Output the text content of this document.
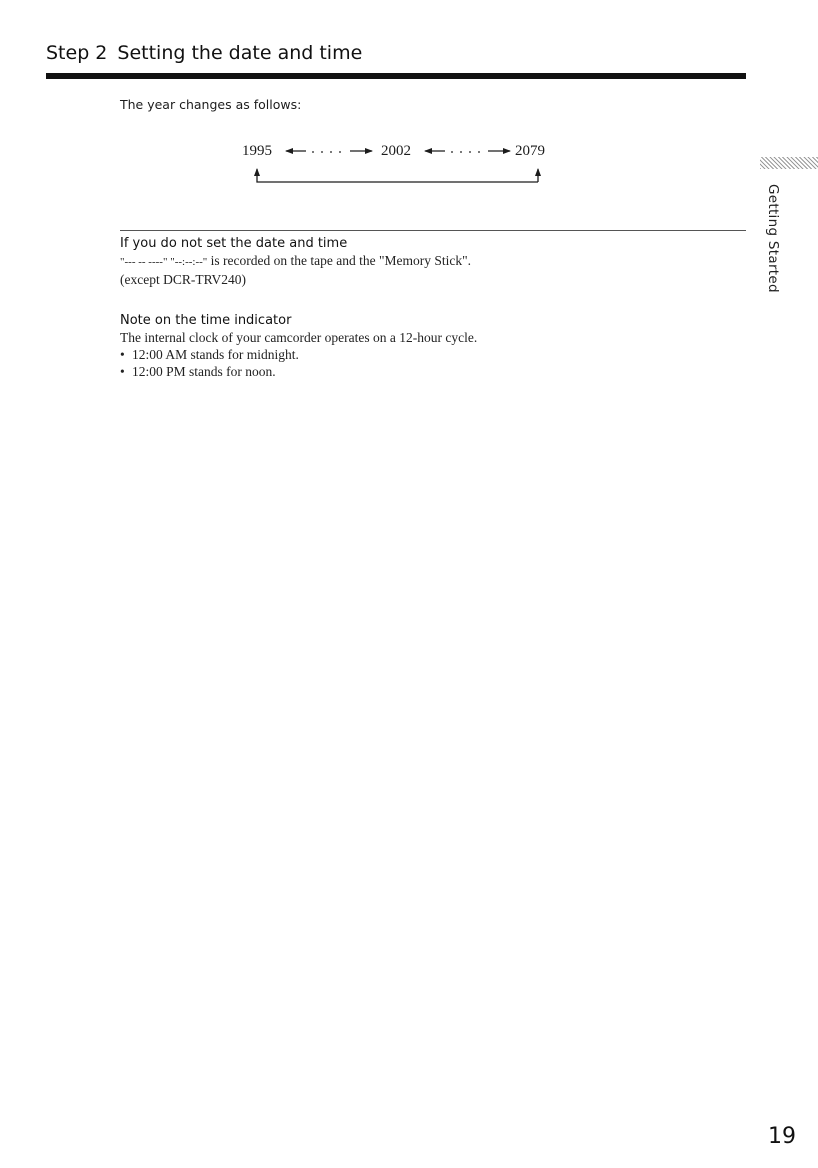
Step 2 Setting the date and time
The year changes as follows:
1995	2002	2079
Getting Started
If you do not set the date and time
"--- -- ----" "--:--:--" is recorded on the tape and the "Memory Stick".
(except DCR-TRV240)
Note on the time indicator
The internal clock of your camcorder operates on a 12-hour cycle.
• 12:00 AM stands for midnight.
• 12:00 PM stands for noon.
19
